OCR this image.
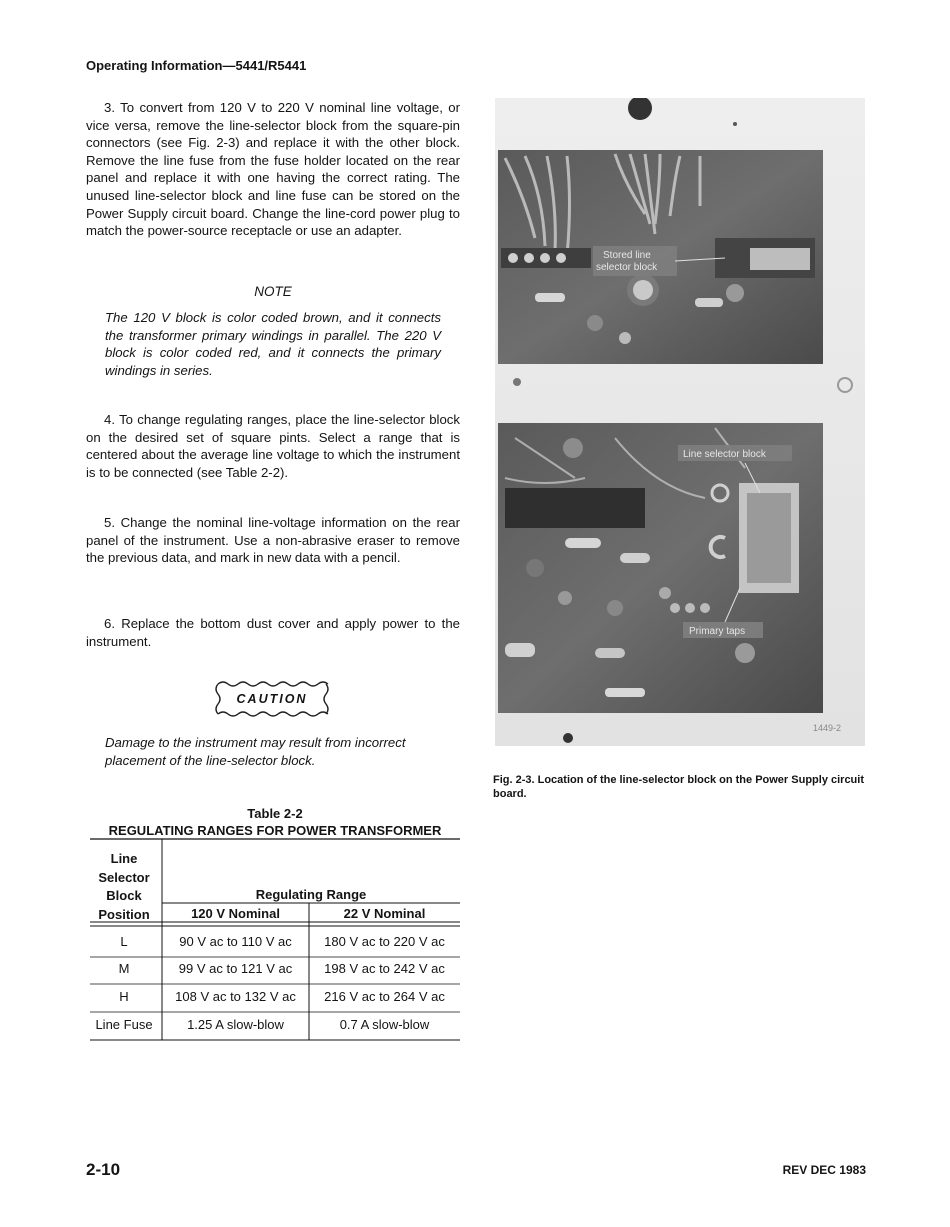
Operating Information—5441/R5441
3. To convert from 120 V to 220 V nominal line voltage, or vice versa, remove the line-selector block from the square-pin connectors (see Fig. 2-3) and replace it with the other block. Remove the line fuse from the fuse holder located on the rear panel and replace it with one having the correct rating. The unused line-selector block and line fuse can be stored on the Power Supply circuit board. Change the line-cord power plug to match the power-source receptacle or use an adapter.
NOTE
The 120 V block is color coded brown, and it connects the transformer primary windings in parallel. The 220 V block is color coded red, and it connects the primary windings in series.
4. To change regulating ranges, place the line-selector block on the desired set of square pints. Select a range that is centered about the average line voltage to which the instrument is to be connected (see Table 2-2).
5. Change the nominal line-voltage information on the rear panel of the instrument. Use a non-abrasive eraser to remove the previous data, and mark in new data with a pencil.
6. Replace the bottom dust cover and apply power to the instrument.
CAUTION
Damage to the instrument may result from incorrect placement of the line-selector block.
Table 2-2
REGULATING RANGES FOR POWER TRANSFORMER
Line
Selector
Block
Position
Regulating Range
120 V Nominal	22 V Nominal
L	90 V ac to 110 V ac	180 V ac to 220 V ac
M	99 V ac to 121 V ac	198 V ac to 242 V ac
H	108 V ac to 132 V ac	216 V ac to 264 V ac
Line Fuse	1.25 A slow-blow	0.7 A slow-blow
Stored line
selector block
Line selector block
Primary taps
1449-2
Fig. 2-3. Location of the line-selector block on the Power Supply circuit board.
2-10	REV DEC 1983
